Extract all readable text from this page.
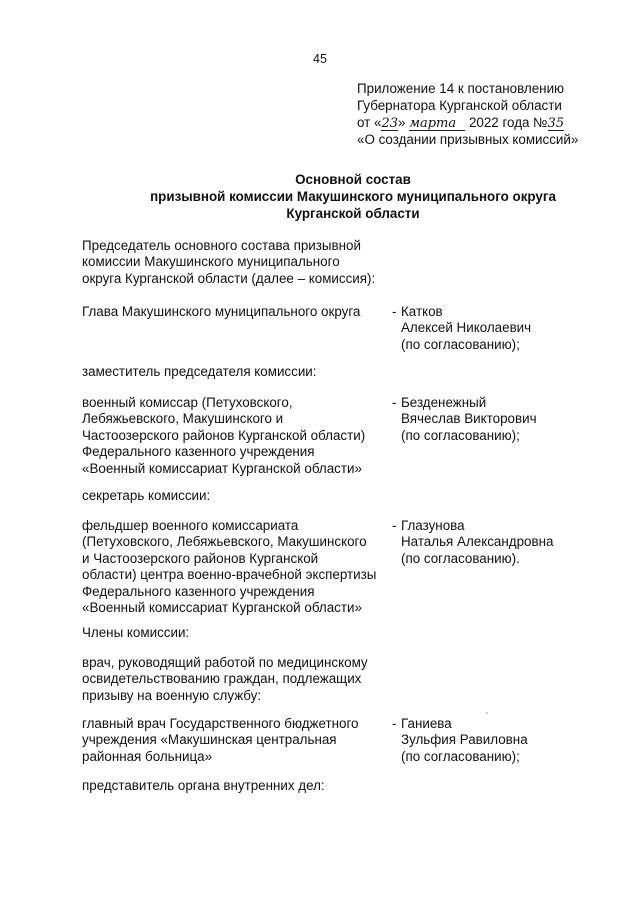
45
Приложение 14 к постановлению
Губернатора Курганской области
от «23» марта 2022 года №35
«О создании призывных комиссий»
Основной состав
призывной комиссии Макушинского муниципального округа
Курганской области
Председатель основного состава призывной
комиссии Макушинского муниципального
округа Курганской области (далее – комиссия):
Глава Макушинского муниципального округа	- Катков
Алексей Николаевич
(по согласованию);
заместитель председателя комиссии:
военный комиссар (Петуховского,
Лебяжьевского, Макушинского и
Частоозерского районов Курганской области)
Федерального казенного учреждения
«Военный комиссариат Курганской области»
- Безденежный
Вячеслав Викторович
(по согласованию);
секретарь комиссии:
фельдшер военного комиссариата
(Петуховского, Лебяжьевского, Макушинского
и Частоозерского районов Курганской
области) центра военно-врачебной экспертизы
Федерального казенного учреждения
«Военный комиссариат Курганской области»
- Глазунова
Наталья Александровна
(по согласованию).
Члены комиссии:
врач, руководящий работой по медицинскому
освидетельствованию граждан, подлежащих
призыву на военную службу:
главный врач Государственного бюджетного
учреждения «Макушинская центральная
районная больница»
- Ганиева
Зульфия Равиловна
(по согласованию);
представитель органа внутренних дел:
